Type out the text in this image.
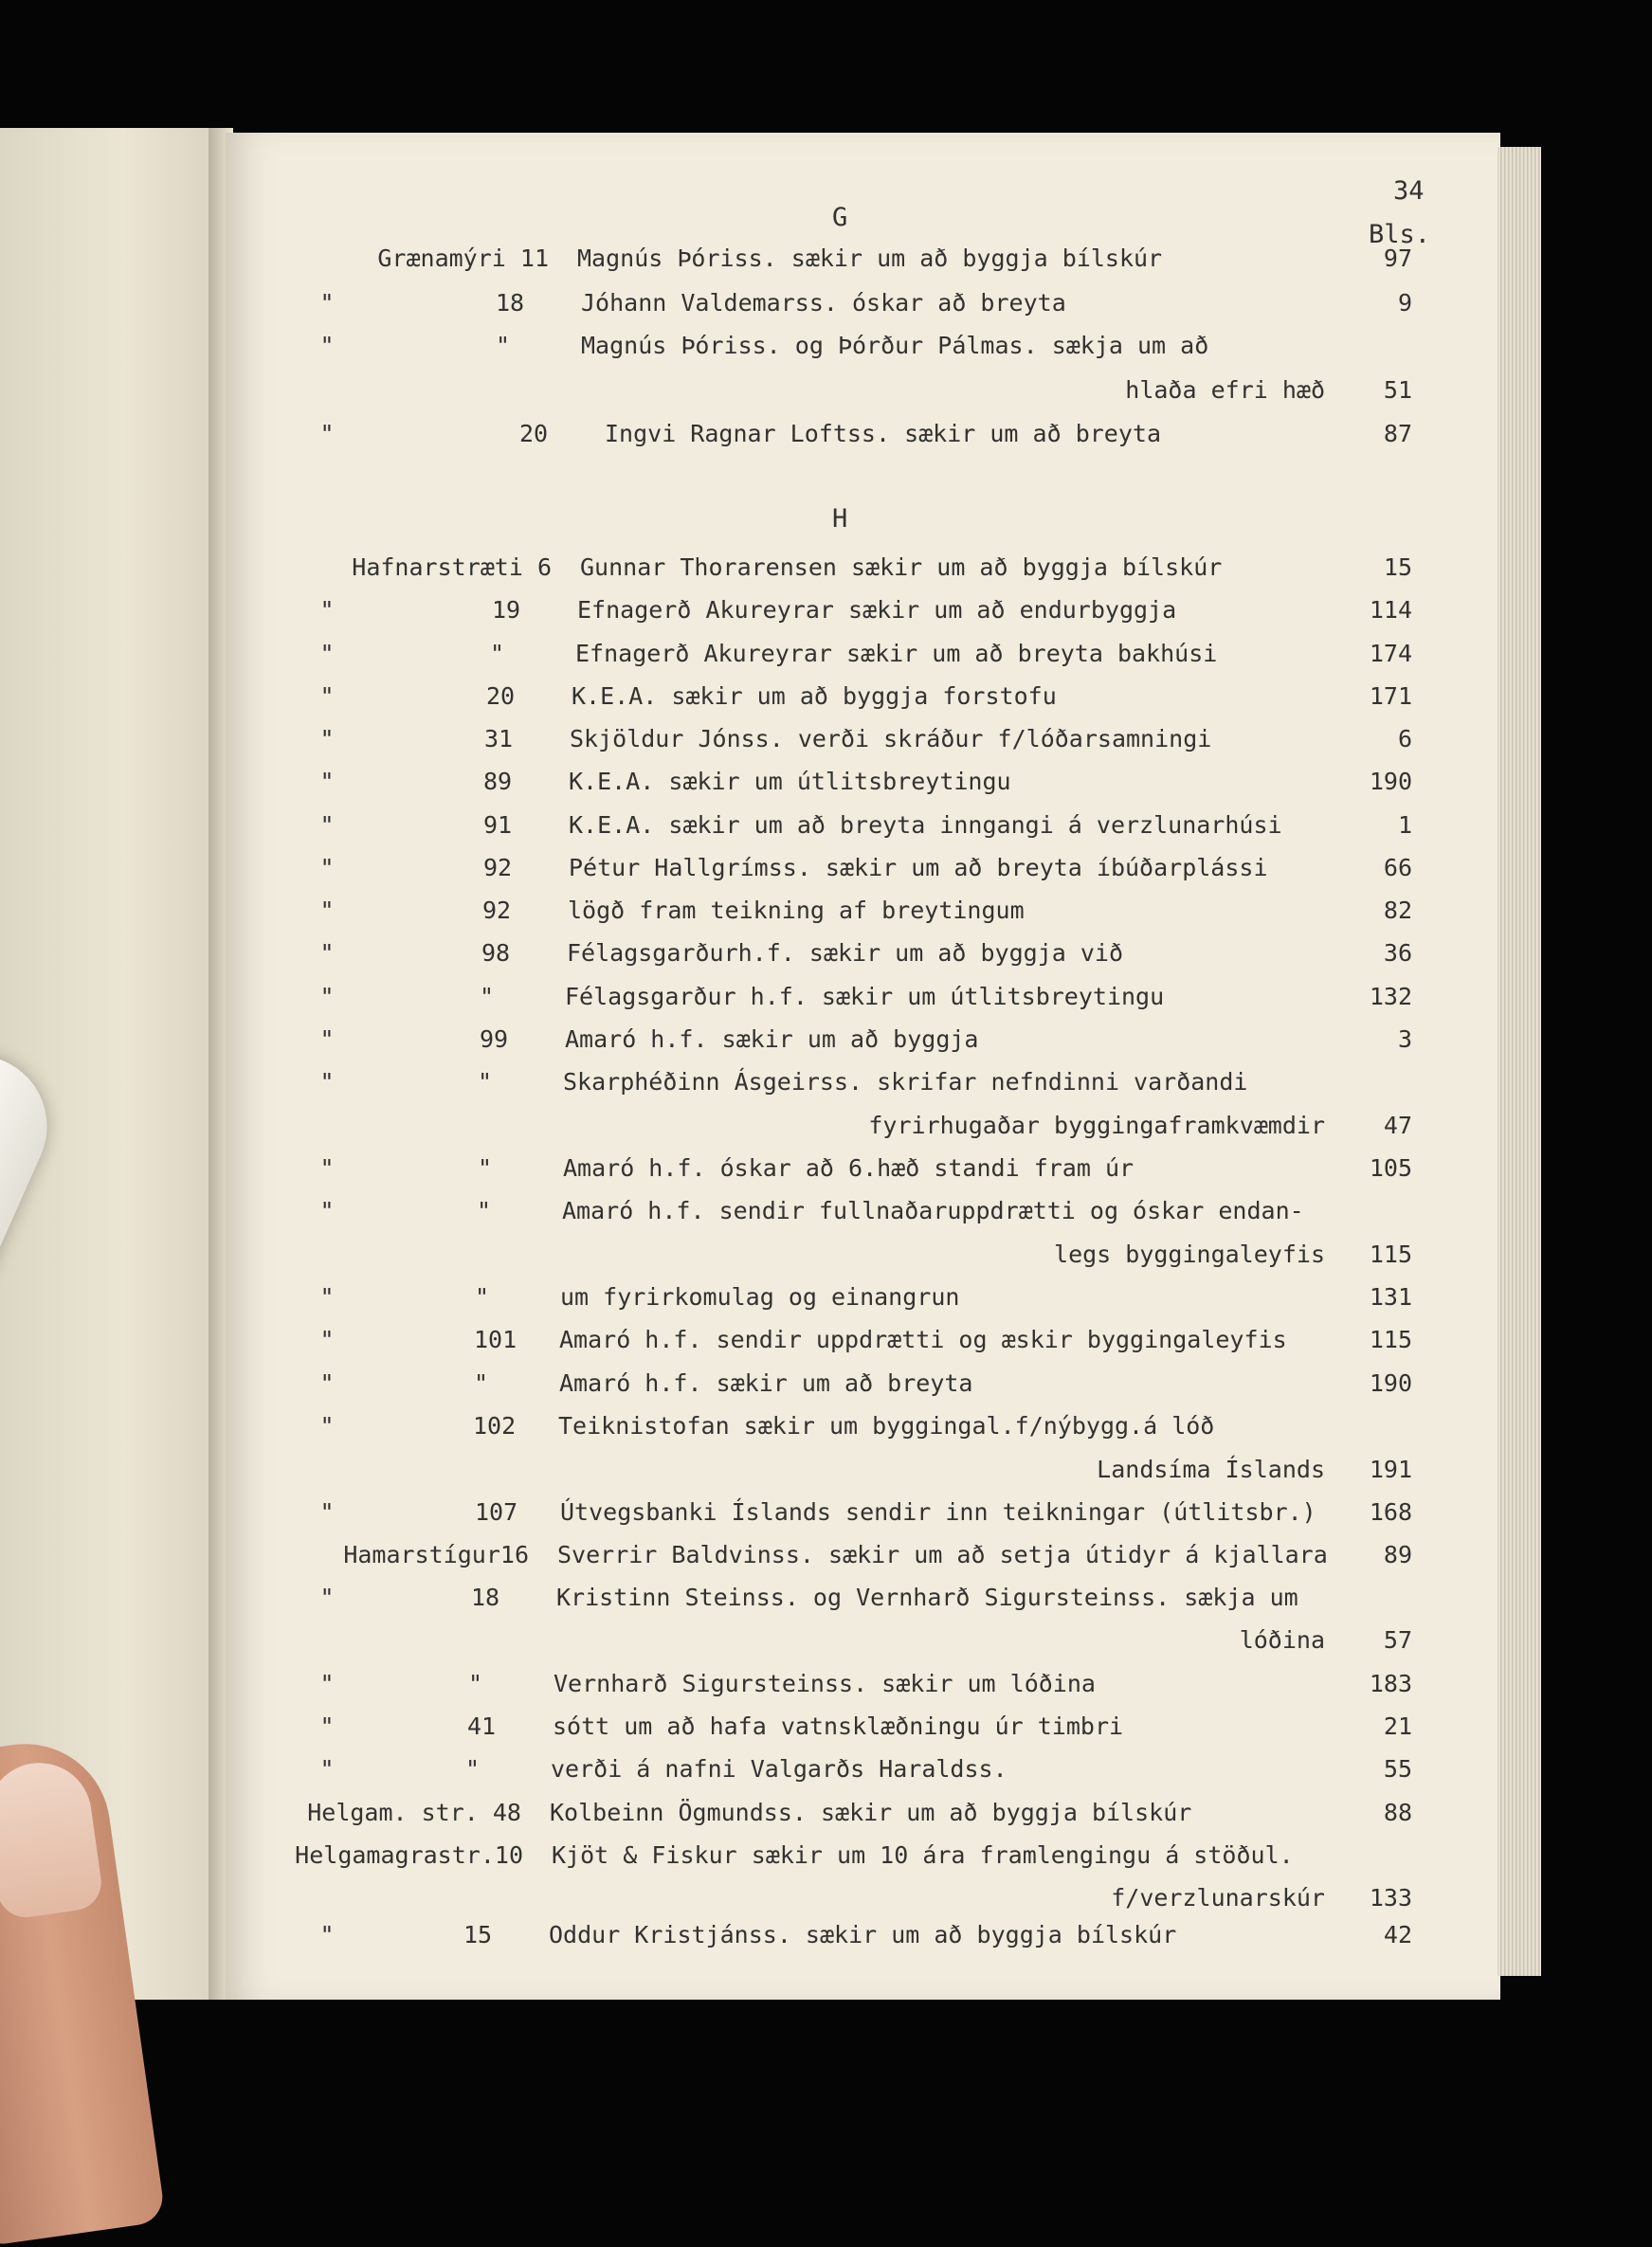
34
Bls.
G
H
Grænamýri 11 Magnús Þóriss. sækir um að byggja bílskúr	97
"	18 Jóhann Valdemarss. óskar að breyta	9
"	"	Magnús Þóriss. og Þórður Pálmas. sækja um að
hlaða efri hæð	51
"	20 Ingvi Ragnar Loftss. sækir um að breyta	87
Hafnarstræti 6 Gunnar Thorarensen sækir um að byggja bílskúr	15
"	19 Efnagerð Akureyrar sækir um að endurbyggja	114
"	"	Efnagerð Akureyrar sækir um að breyta bakhúsi	174
"	20 K.E.A. sækir um að byggja forstofu	171
"	31 Skjöldur Jónss. verði skráður f/lóðarsamningi	6
"	89 K.E.A. sækir um útlitsbreytingu	190
"	91 K.E.A. sækir um að breyta inngangi á verzlunarhúsi	1
"	92 Pétur Hallgrímss. sækir um að breyta íbúðarplássi	66
"	92 lögð fram teikning af breytingum	82
"	98 Félagsgarðurh.f. sækir um að byggja við	36
"	"	Félagsgarður h.f. sækir um útlitsbreytingu	132
"	99 Amaró h.f. sækir um að byggja	3
"	"	Skarphéðinn Ásgeirss. skrifar nefndinni varðandi
fyrirhugaðar byggingaframkvæmdir	47
"	"	Amaró h.f. óskar að 6.hæð standi fram úr	105
"	"	Amaró h.f. sendir fullnaðaruppdrætti og óskar endan-
legs byggingaleyfis	115
"	"	um fyrirkomulag og einangrun	131
"	101 Amaró h.f. sendir uppdrætti og æskir byggingaleyfis	115
"	"	Amaró h.f. sækir um að breyta	190
"	102 Teiknistofan sækir um byggingal.f/nýbygg.á lóð
Landsíma Íslands	191
"	107 Útvegsbanki Íslands sendir inn teikningar (útlitsbr.)	168
Hamarstígur16 Sverrir Baldvinss. sækir um að setja útidyr á kjallara	89
"	18 Kristinn Steinss. og Vernharð Sigursteinss. sækja um
lóðina	57
"	"	Vernharð Sigursteinss. sækir um lóðina	183
"	41 sótt um að hafa vatnsklæðningu úr timbri	21
"	"	verði á nafni Valgarðs Haraldss.	55
Helgam. str. 48 Kolbeinn Ögmundss. sækir um að byggja bílskúr	88
Helgamagrastr.10 Kjöt & Fiskur sækir um 10 ára framlengingu á stöðul.
f/verzlunarskúr	133
"	15 Oddur Kristjánss. sækir um að byggja bílskúr	42
